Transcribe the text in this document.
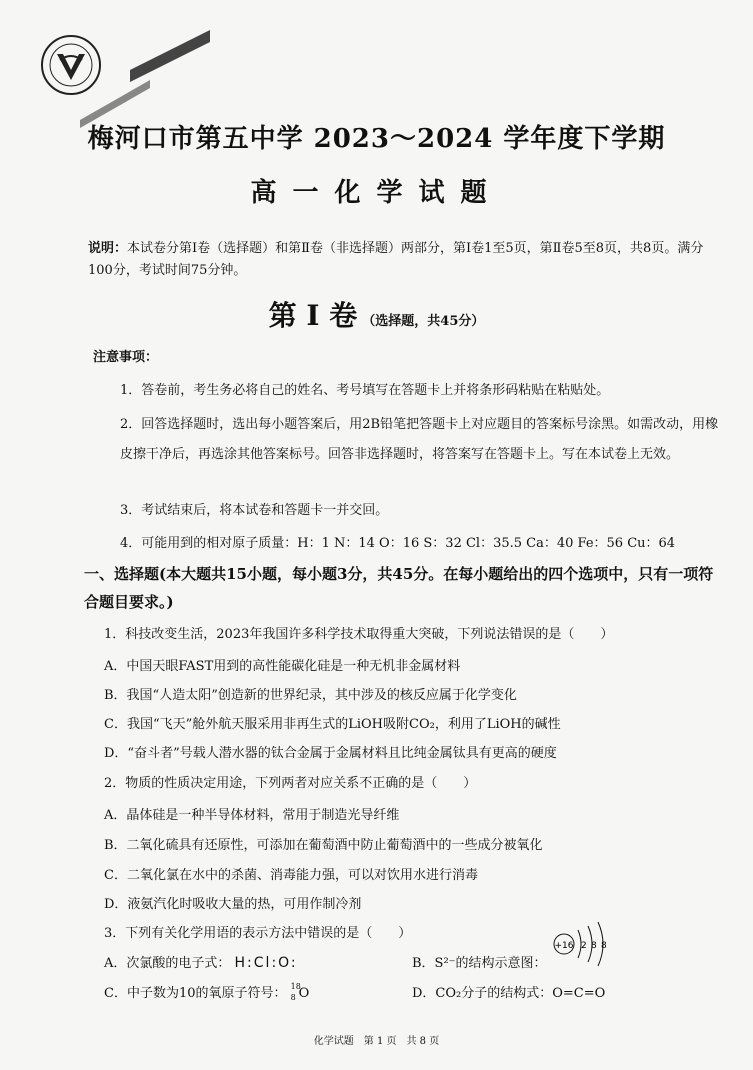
梅河口市第五中学 2023～2024 学年度下学期
高一化学试题
说明：本试卷分第Ⅰ卷（选择题）和第Ⅱ卷（非选择题）两部分，第Ⅰ卷1至5页，第Ⅱ卷5至8页，共8页。满分100分，考试时间75分钟。
第 Ⅰ 卷 （选择题，共45分）
注意事项：
1．答卷前，考生务必将自己的姓名、考号填写在答题卡上并将条形码粘贴在粘贴处。
2．回答选择题时，选出每小题答案后，用2B铅笔把答题卡上对应题目的答案标号涂黑。如需改动，用橡皮擦干净后，再选涂其他答案标号。回答非选择题时，将答案写在答题卡上。写在本试卷上无效。
3．考试结束后，将本试卷和答题卡一并交回。
4．可能用到的相对原子质量：H：1 N：14 O：16 S：32 Cl：35.5 Ca：40 Fe：56 Cu：64
一、选择题(本大题共15小题，每小题3分，共45分。在每小题给出的四个选项中，只有一项符合题目要求。)
1．科技改变生活，2023年我国许多科学技术取得重大突破，下列说法错误的是（　　）
A．中国天眼FAST用到的高性能碳化硅是一种无机非金属材料
B．我国“人造太阳”创造新的世界纪录，其中涉及的核反应属于化学变化
C．我国“飞天”舱外航天服采用非再生式的LiOH吸附CO₂，利用了LiOH的碱性
D．“奋斗者”号载人潜水器的钛合金属于金属材料且比纯金属钛具有更高的硬度
2．物质的性质决定用途，下列两者对应关系不正确的是（　　）
A．晶体硅是一种半导体材料，常用于制造光导纤维
B．二氧化硫具有还原性，可添加在葡萄酒中防止葡萄酒中的一些成分被氧化
C．二氧化氯在水中的杀菌、消毒能力强，可以对饮用水进行消毒
D．液氨汽化时吸收大量的热，可用作制冷剂
3．下列有关化学用语的表示方法中错误的是（　　）
A．次氯酸的电子式： H:Cl:O:	B．S²⁻的结构示意图：
+16 2 8 8
C．中子数为10的氧原子符号： 18
8 O	D．CO₂分子的结构式：O=C=O
化学试题　第 1 页　共 8 页
